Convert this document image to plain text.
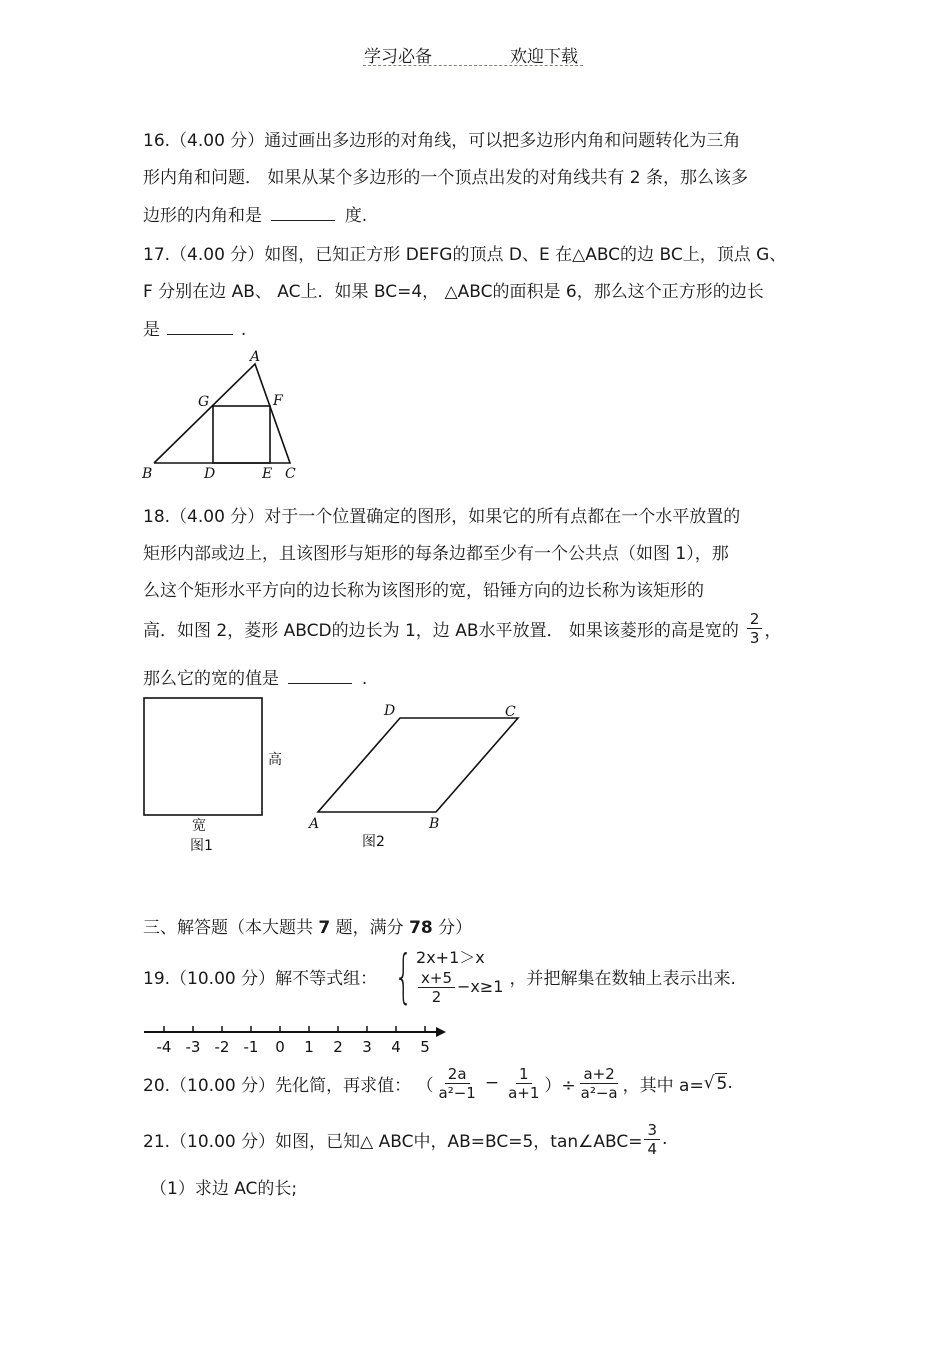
学习必备	欢迎下载
16.（4.00 分）通过画出多边形的对角线，可以把多边形内角和问题转化为三角
形内角和问题． 如果从某个多边形的一个顶点出发的对角线共有 2 条，那么该多
边形的内角和是	度.
17.（4.00 分）如图，已知正方形 DEFG的顶点 D、E 在△ABC的边 BC上，顶点 G、
F 分别在边 AB、 AC上．如果 BC=4， △ABC的面积是 6，那么这个正方形的边长
是	.
A
G	F
B	D	E C
18.（4.00 分）对于一个位置确定的图形，如果它的所有点都在一个水平放置的
矩形内部或边上，且该图形与矩形的每条边都至少有一个公共点（如图 1），那
么这个矩形水平方向的边长称为该图形的宽，铅锤方向的边长称为该矩形的
高．如图 2，菱形 ABCD的边长为 1，边 AB水平放置． 如果该菱形的高是宽的 $\frac{2}{3}$ ，
那么它的宽的值是	.
高
宽
图1
D	C
A	B
图2
三、解答题（本大题共 7 题，满分 78 分）
19.（10.00 分）解不等式组： { 2x+1＞x
$\frac{x+5}{2} -x\ge 1$ ，并把解集在数轴上表示出来.
-4 -3 -2 -1 0 1 2 3 4 5
20.（10.00 分）先化简，再求值： （ $\frac{2a}{\text{a²−1}} - \frac{1}{a+1}$ ）÷ $\frac{a+2}{\text{a²−a}}$ ，其中 a= √ 5 .
21.（10.00 分）如图，已知△ ABC中，AB=BC=5，tan∠ABC= $\frac{3}{4}$ .
（1）求边 AC的长;
